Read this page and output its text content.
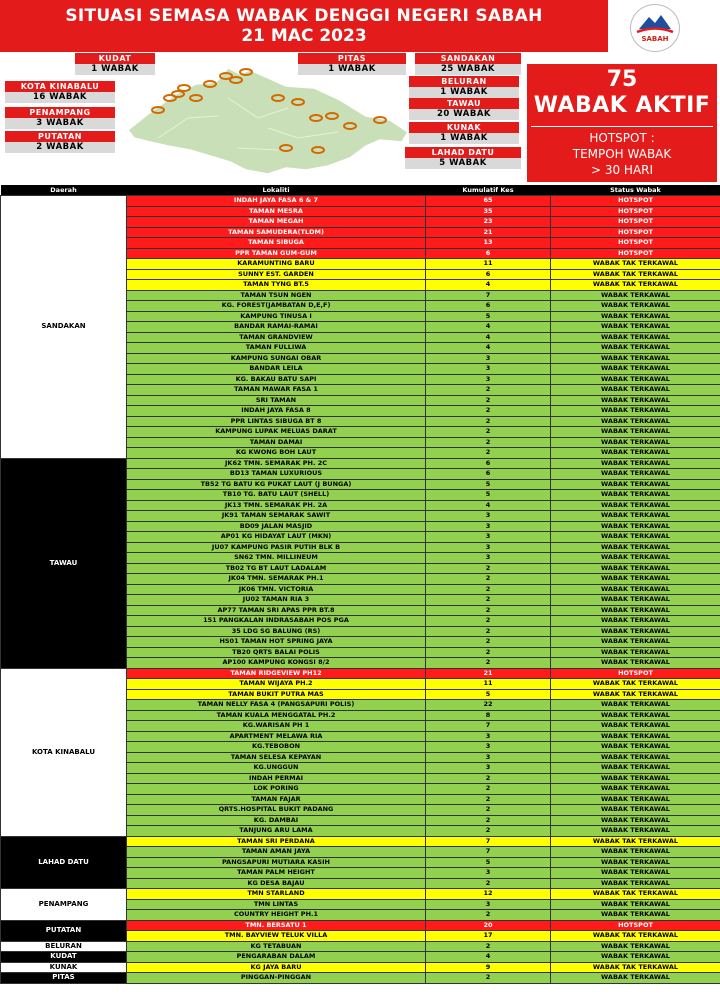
SITUASI SEMASA WABAK DENGGI NEGERI SABAH
21 MAC 2023	SABAH
KUDAT
1 WABAK
PITAS
1 WABAK
SANDAKAN
25 WABAK
KOTA KINABALU
16 WABAK
BELURAN
1 WABAK
PENAMPANG
3 WABAK
TAWAU
20 WABAK
PUTATAN
2 WABAK
KUNAK
1 WABAK
LAHAD DATU
5 WABAK
75
WABAK AKTIF
HOTSPOT :
TEMPOH WABAK
> 30 HARI
Daerah	Lokaliti	Kumulatif Kes	Status Wabak
SANDAKAN	INDAH JAYA FASA 6 & 7	65	HOTSPOT
	TAMAN MESRA	35	HOTSPOT
	TAMAN MEGAH	23	HOTSPOT
	TAMAN SAMUDERA(TLDM)	21	HOTSPOT
	TAMAN SIBUGA	13	HOTSPOT
	PPR TAMAN GUM-GUM	6	HOTSPOT
	KARAMUNTING BARU	11	WABAK TAK TERKAWAL
	SUNNY EST. GARDEN	6	WABAK TAK TERKAWAL
	TAMAN TYNG BT.5	4	WABAK TAK TERKAWAL
	TAMAN TSUN NGEN	7	WABAK TERKAWAL
	KG. FOREST(JAMBATAN D,E,F)	6	WABAK TERKAWAL
	KAMPUNG TINUSA I	5	WABAK TERKAWAL
	BANDAR RAMAI-RAMAI	4	WABAK TERKAWAL
	TAMAN GRANDVIEW	4	WABAK TERKAWAL
	TAMAN FULLIWA	4	WABAK TERKAWAL
	KAMPUNG SUNGAI OBAR	3	WABAK TERKAWAL
	BANDAR LEILA	3	WABAK TERKAWAL
	KG. BAKAU BATU SAPI	3	WABAK TERKAWAL
	TAMAN MAWAR FASA 1	2	WABAK TERKAWAL
	SRI TAMAN	2	WABAK TERKAWAL
	INDAH JAYA FASA 8	2	WABAK TERKAWAL
	PPR LINTAS SIBUGA BT 8	2	WABAK TERKAWAL
	KAMPUNG LUPAK MELUAS DARAT	2	WABAK TERKAWAL
	TAMAN DAMAI	2	WABAK TERKAWAL
	KG KWONG BOH LAUT	2	WABAK TERKAWAL
TAWAU	JK62 TMN. SEMARAK PH. 2C	6	WABAK TERKAWAL
	BD13 TAMAN LUXURIOUS	6	WABAK TERKAWAL
	TB52 TG BATU KG PUKAT LAUT (J BUNGA)	5	WABAK TERKAWAL
	TB10 TG. BATU LAUT (SHELL)	5	WABAK TERKAWAL
	JK13 TMN. SEMARAK PH. 2A	4	WABAK TERKAWAL
	JK91 TAMAN SEMARAK SAWIT	3	WABAK TERKAWAL
	BD09 JALAN MASJID	3	WABAK TERKAWAL
	AP01 KG HIDAYAT LAUT (MKN)	3	WABAK TERKAWAL
	JU07 KAMPUNG PASIR PUTIH BLK B	3	WABAK TERKAWAL
	SN62 TMN. MILLINEUM	3	WABAK TERKAWAL
	TB02 TG BT LAUT LADALAM	2	WABAK TERKAWAL
	JK04 TMN. SEMARAK PH.1	2	WABAK TERKAWAL
	JK06 TMN. VICTORIA	2	WABAK TERKAWAL
	JU02 TAMAN RIA 3	2	WABAK TERKAWAL
	AP77 TAMAN SRI APAS PPR BT.8	2	WABAK TERKAWAL
	151 PANGKALAN INDRASABAH POS PGA	2	WABAK TERKAWAL
	35 LDG SG BALUNG (RS)	2	WABAK TERKAWAL
	HS01 TAMAN HOT SPRING JAYA	2	WABAK TERKAWAL
	TB20 QRTS BALAI POLIS	2	WABAK TERKAWAL
	AP100 KAMPUNG KONGSI 8/2	2	WABAK TERKAWAL
KOTA KINABALU	TAMAN RIDGEVIEW PH12	21	HOTSPOT
	TAMAN WIJAYA PH.2	11	WABAK TAK TERKAWAL
	TAMAN BUKIT PUTRA MAS	5	WABAK TAK TERKAWAL
	TAMAN NELLY FASA 4 (PANGSAPURI POLIS)	22	WABAK TERKAWAL
	TAMAN KUALA MENGGATAL PH.2	8	WABAK TERKAWAL
	KG.WARISAN PH 1	7	WABAK TERKAWAL
	APARTMENT MELAWA RIA	3	WABAK TERKAWAL
	KG.TEBOBON	3	WABAK TERKAWAL
	TAMAN SELESA KEPAYAN	3	WABAK TERKAWAL
	KG.UNGGUN	3	WABAK TERKAWAL
	INDAH PERMAI	2	WABAK TERKAWAL
	LOK PORING	2	WABAK TERKAWAL
	TAMAN FAJAR	2	WABAK TERKAWAL
	QRTS.HOSPITAL BUKIT PADANG	2	WABAK TERKAWAL
	KG. DAMBAI	2	WABAK TERKAWAL
	TANJUNG ARU LAMA	2	WABAK TERKAWAL
LAHAD DATU	TAMAN SRI PERDANA	7	WABAK TAK TERKAWAL
	TAMAN AMAN JAYA	7	WABAK TERKAWAL
	PANGSAPURI MUTIARA KASIH	5	WABAK TERKAWAL
	TAMAN PALM HEIGHT	3	WABAK TERKAWAL
	KG DESA BAJAU	2	WABAK TERKAWAL
PENAMPANG	TMN STARLAND	12	WABAK TAK TERKAWAL
	TMN LINTAS	3	WABAK TERKAWAL
	COUNTRY HEIGHT PH.1	2	WABAK TERKAWAL
PUTATAN	TMN. BERSATU 1	20	HOTSPOT
	TMN. BAYVIEW TELUK VILLA	17	WABAK TAK TERKAWAL
BELURAN	KG TETABUAN	2	WABAK TERKAWAL
KUDAT	PENGARABAN DALAM	4	WABAK TERKAWAL
KUNAK	KG JAYA BARU	9	WABAK TAK TERKAWAL
PITAS	PINGGAN-PINGGAN	2	WABAK TERKAWAL
